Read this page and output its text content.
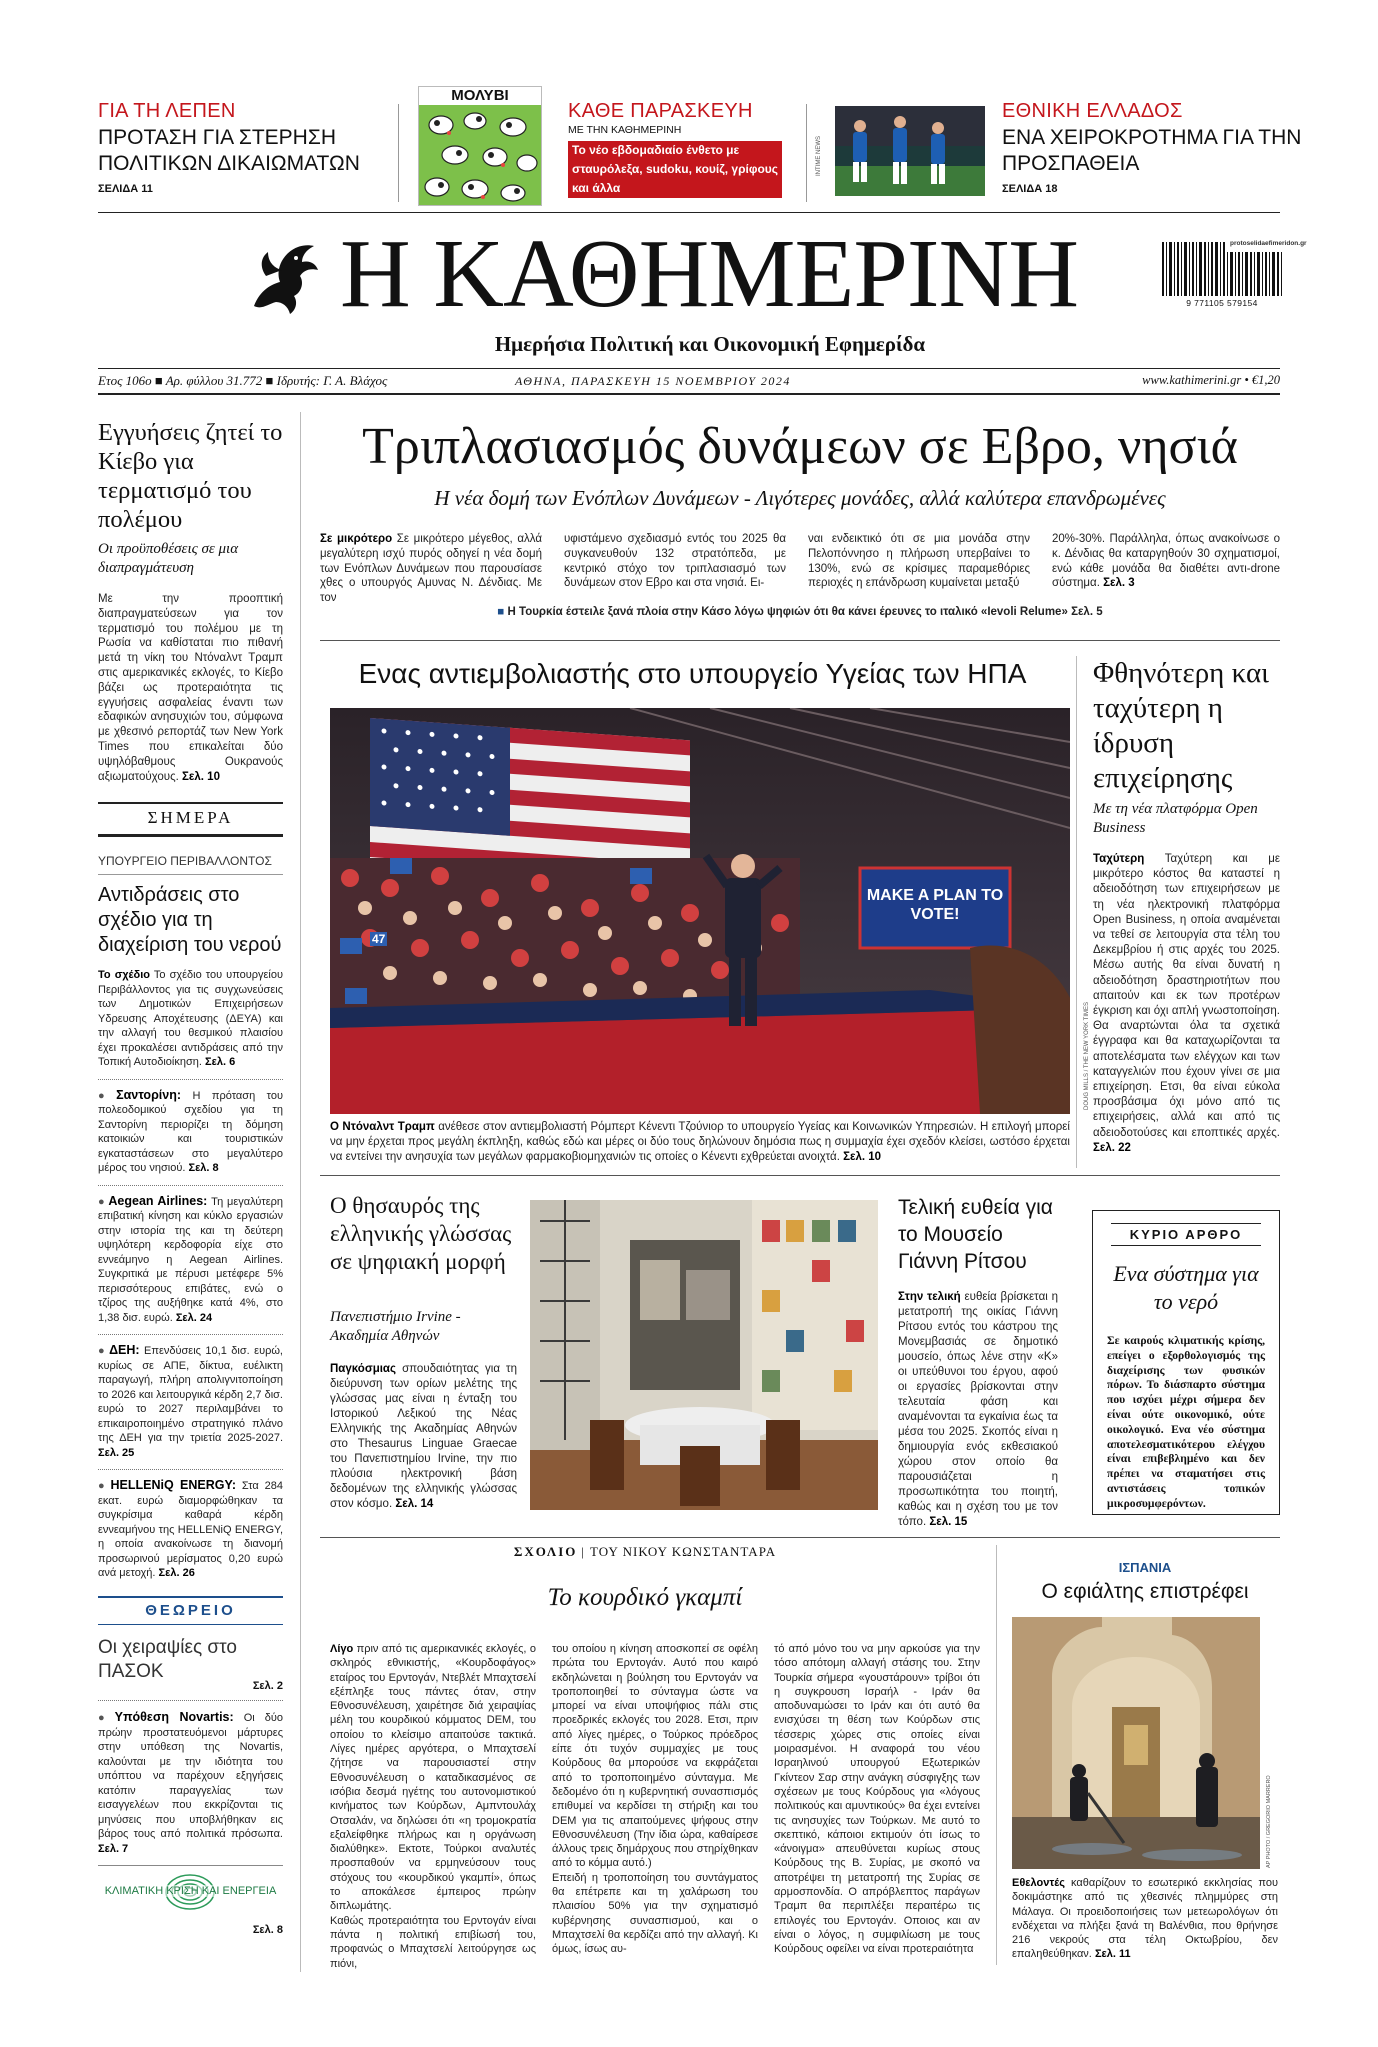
ΓΙΑ ΤΗ ΛΕΠΕΝ
ΠΡΟΤΑΣΗ ΓΙΑ ΣΤΕΡΗΣΗ ΠΟΛΙΤΙΚΩΝ ΔΙΚΑΙΩΜΑΤΩΝ
ΣΕΛΙΔΑ 11
ΜΟΛΥΒΙ
ΚΑΘΕ ΠΑΡΑΣΚΕΥΗ
ΜΕ ΤΗΝ ΚΑΘΗΜΕΡΙΝΗ
Το νέο εβδομαδιαίο ένθετο με σταυρόλεξα, sudoku, κουίζ, γρίφους και άλλα
INTIME NEWS
ΕΘΝΙΚΗ ΕΛΛΑΔΟΣ
ΕΝΑ ΧΕΙΡΟΚΡΟΤΗΜΑ ΓΙΑ ΤΗΝ ΠΡΟΣΠΑΘΕΙΑ
ΣΕΛΙΔΑ 18
Η ΚΑΘΗΜΕΡΙΝΗ
Ημερήσια Πολιτική και Οικονομική Εφημερίδα
protoselidaefimeridon.gr
9 771105 579154
Ετος 106ο ■ Αρ. φύλλου 31.772 ■ Ιδρυτής: Γ. Α. Βλάχος	ΑΘΗΝΑ, ΠΑΡΑΣΚΕΥΗ 15 ΝΟΕΜΒΡΙΟΥ 2024	www.kathimerini.gr • €1,20
Εγγυήσεις ζητεί το Κίεβο για τερματισμό του πολέμου
Οι προϋποθέσεις σε μια διαπραγμάτευση
Με την προοπτική διαπραγματεύσεων για τον τερματισμό του πολέμου με τη Ρωσία να καθίσταται πιο πιθανή μετά τη νίκη του Ντόναλντ Τραμπ στις αμερικανικές εκλογές, το Κίεβο βάζει ως προτεραιότητα τις εγγυήσεις ασφαλείας έναντι των εδαφικών ανησυχιών του, σύμφωνα με χθεσινό ρεπορτάζ των New York Times που επικαλείται δύο υψηλόβαθμους Ουκρανούς αξιωματούχους. Σελ. 10
ΣΗΜΕΡΑ
ΥΠΟΥΡΓΕΙΟ ΠΕΡΙΒΑΛΛΟΝΤΟΣ
Αντιδράσεις στο σχέδιο για τη διαχείριση του νερού
Το σχέδιο Το σχέδιο του υπουργείου Περιβάλλοντος για τις συγχωνεύσεις των Δημοτικών Επιχειρήσεων Υδρευσης Αποχέτευσης (ΔΕΥΑ) και την αλλαγή του θεσμικού πλαισίου έχει προκαλέσει αντιδράσεις από την Τοπική Αυτοδιοίκηση. Σελ. 6
● Σαντορίνη: Η πρόταση του πολεοδομικού σχεδίου για τη Σαντορίνη περιορίζει τη δόμηση κατοικιών και τουριστικών εγκαταστάσεων στο μεγαλύτερο μέρος του νησιού. Σελ. 8
● Aegean Airlines: Τη μεγαλύτερη επιβατική κίνηση και κύκλο εργασιών στην ιστορία της και τη δεύτερη υψηλότερη κερδοφορία είχε στο εννεάμηνο η Aegean Airlines. Συγκριτικά με πέρυσι μετέφερε 5% περισσότερους επιβάτες, ενώ ο τζίρος της αυξήθηκε κατά 4%, στο 1,38 δισ. ευρώ. Σελ. 24
● ΔΕΗ: Επενδύσεις 10,1 δισ. ευρώ, κυρίως σε ΑΠΕ, δίκτυα, ευέλικτη παραγωγή, πλήρη απολιγνιτοποίηση το 2026 και λειτουργικά κέρδη 2,7 δισ. ευρώ το 2027 περιλαμβάνει το επικαιροποιημένο στρατηγικό πλάνο της ΔΕΗ για την τριετία 2025-2027. Σελ. 25
● HELLENiQ ENERGY: Στα 284 εκατ. ευρώ διαμορφώθηκαν τα συγκρίσιμα καθαρά κέρδη εννεαμήνου της HELLENiQ ENERGY, η οποία ανακοίνωσε τη διανομή προσωρινού μερίσματος 0,20 ευρώ ανά μετοχή. Σελ. 26
ΘΕΩΡΕΙΟ
Οι χειραψίες στο ΠΑΣΟΚ
Σελ. 2
● Υπόθεση Novartis: Οι δύο πρώην προστατευόμενοι μάρτυρες στην υπόθεση της Novartis, καλούνται με την ιδιότητα του υπόπτου να παρέχουν εξηγήσεις κατόπιν παραγγελίας των εισαγγελέων που εκκρίζονται τις μηνύσεις που υποβλήθηκαν εις βάρος τους από πολιτικά πρόσωπα. Σελ. 7
ΚΛΙΜΑΤΙΚΗ ΚΡΙΣΗ ΚΑΙ ΕΝΕΡΓΕΙΑ
Σελ. 8
Τριπλασιασμός δυνάμεων σε Εβρο, νησιά
Η νέα δομή των Ενόπλων Δυνάμεων - Λιγότερες μονάδες, αλλά καλύτερα επανδρωμένες
Σε μικρότερο Σε μικρότερο μέγεθος, αλλά μεγαλύτερη ισχύ πυρός οδηγεί η νέα δομή των Ενόπλων Δυνάμεων που παρουσίασε χθες ο υπουργός Αμυνας Ν. Δένδιας. Με τον
υφιστάμενο σχεδιασμό εντός του 2025 θα συγκανευθούν 132 στρατόπεδα, με κεντρικό στόχο τον τριπλασιασμό των δυνάμεων στον Εβρο και στα νησιά. Ει-
ναι ενδεικτικό ότι σε μια μονάδα στην Πελοπόννησο η πλήρωση υπερβαίνει το 130%, ενώ σε κρίσιμες παραμεθόριες περιοχές η επάνδρωση κυμαίνεται μεταξύ
20%-30%. Παράλληλα, όπως ανακοίνωσε ο κ. Δένδιας θα καταργηθούν 30 σχηματισμοί, ενώ κάθε μονάδα θα διαθέτει αντι-drone σύστημα. Σελ. 3
■ Η Τουρκία έστειλε ξανά πλοία στην Κάσο λόγω ψηφιών ότι θα κάνει έρευνες το ιταλικό «Ievoli Relume» Σελ. 5
Ενας αντιεμβολιαστής στο υπουργείο Υγείας των ΗΠΑ
MAKE A PLAN TO VOTE!
47
DOUG MILLS / THE NEW YORK TIMES
Ο Ντόναλντ Τραμπ ανέθεσε στον αντιεμβολιαστή Ρόμπερτ Κένεντι Τζούνιορ το υπουργείο Υγείας και Κοινωνικών Υπηρεσιών. Η επιλογή μπορεί να μην έρχεται προς μεγάλη έκπληξη, καθώς εδώ και μέρες οι δύο τους δηλώνουν δημόσια πως η συμμαχία έχει σχεδόν κλείσει, ωστόσο έρχεται να εντείνει την ανησυχία των μεγάλων φαρμακοβιομηχανιών τις οποίες ο Κένεντι εχθρεύεται ανοιχτά. Σελ. 10
Φθηνότερη και ταχύτερη η ίδρυση επιχείρησης
Με τη νέα πλατφόρμα Open Business
Ταχύτερη Ταχύτερη και με μικρότερο κόστος θα καταστεί η αδειοδότηση των επιχειρήσεων με τη νέα ηλεκτρονική πλατφόρμα Open Business, η οποία αναμένεται να τεθεί σε λειτουργία στα τέλη του Δεκεμβρίου ή στις αρχές του 2025. Μέσω αυτής θα είναι δυνατή η αδειοδότηση δραστηριοτήτων που απαιτούν και εκ των προτέρων έγκριση και όχι απλή γνωστοποίηση. Θα αναρτώνται όλα τα σχετικά έγγραφα και θα καταχωρίζονται τα αποτελέσματα των ελέγχων και των καταγγελιών που έχουν γίνει σε μια επιχείρηση. Ετσι, θα είναι εύκολα προσβάσιμα όχι μόνο από τις επιχειρήσεις, αλλά και από τις αδειοδοτούσες και εποπτικές αρχές. Σελ. 22
Ο θησαυρός της ελληνικής γλώσσας σε ψηφιακή μορφή
Πανεπιστήμιο Irvine - Ακαδημία Αθηνών
Παγκόσμιας σπουδαιότητας για τη διεύρυνση των ορίων μελέτης της γλώσσας μας είναι η ένταξη του Ιστορικού Λεξικού της Νέας Ελληνικής της Ακαδημίας Αθηνών στο Thesaurus Linguae Graecae του Πανεπιστημίου Irvine, την πιο πλούσια ηλεκτρονική βάση δεδομένων της ελληνικής γλώσσας στον κόσμο. Σελ. 14
Τελική ευθεία για το Μουσείο Γιάννη Ρίτσου
Στην τελική ευθεία βρίσκεται η μετατροπή της οικίας Γιάννη Ρίτσου εντός του κάστρου της Μονεμβασιάς σε δημοτικό μουσείο, όπως λένε στην «Κ» οι υπεύθυνοι του έργου, αφού οι εργασίες βρίσκονται στην τελευταία φάση και αναμένονται τα εγκαίνια έως τα μέσα του 2025. Σκοπός είναι η δημιουργία ενός εκθεσιακού χώρου στον οποίο θα παρουσιάζεται η προσωπικότητα του ποιητή, καθώς και η σχέση του με τον τόπο. Σελ. 15
ΚΥΡΙΟ ΑΡΘΡΟ
Ενα σύστημα για το νερό
Σε καιρούς κλιματικής κρίσης, επείγει ο εξορθολογισμός της διαχείρισης των φυσικών πόρων. Το διάσπαρτο σύστημα που ισχύει μέχρι σήμερα δεν είναι ούτε οικονομικό, ούτε οικολογικό. Ενα νέο σύστημα αποτελεσματικότερου ελέγχου είναι επιβεβλημένο και δεν πρέπει να σταματήσει στις αντιστάσεις τοπικών μικροσυμφερόντων.
ΣΧΟΛΙΟ | ΤΟΥ ΝΙΚΟΥ ΚΩΝΣΤΑΝΤΑΡΑ
Το κουρδικό γκαμπί
Λίγο πριν από τις αμερικανικές εκλογές, ο σκληρός εθνικιστής, «Κουρδοφάγος» εταίρος του Ερντογάν, Ντεβλέτ Μπαχτσελί εξέπληξε τους πάντες όταν, στην Εθνοσυνέλευση, χαιρέτησε διά χειραψίας μέλη του κουρδικού κόμματος DEM, του οποίου το κλείσιμο απαιτούσε τακτικά. Λίγες ημέρες αργότερα, ο Μπαχτσελί ζήτησε να παρουσιαστεί στην Εθνοσυνέλευση ο καταδικασμένος σε ισόβια δεσμά ηγέτης του αυτονομιστικού κινήματος των Κούρδων, Αμπντουλάχ Οτσαλάν, να δηλώσει ότι «η τρομοκρατία εξαλείφθηκε πλήρως και η οργάνωση διαλύθηκε». Εκτοτε, Τούρκοι αναλυτές προσπαθούν να ερμηνεύσουν τους στόχους του «κουρδικού γκαμπί», όπως το αποκάλεσε έμπειρος πρώην διπλωμάτης.
Καθώς προτεραιότητα του Ερντογάν είναι πάντα η πολιτική επιβίωσή του, προφανώς ο Μπαχτσελί λειτούργησε ως πιόνι,
του οποίου η κίνηση αποσκοπεί σε οφέλη πρώτα του Ερντογάν. Αυτό που καιρό εκδηλώνεται η βούληση του Ερντογάν να τροποποιηθεί το σύνταγμα ώστε να μπορεί να είναι υποψήφιος πάλι στις προεδρικές εκλογές του 2028. Ετσι, πριν από λίγες ημέρες, ο Τούρκος πρόεδρος είπε ότι τυχόν συμμαχίες με τους Κούρδους θα μπορούσε να εκφράζεται από το τροποποιημένο σύνταγμα. Με δεδομένο ότι η κυβερνητική συνασπισμός επιθυμεί να κερδίσει τη στήριξη και του DEM για τις απαιτούμενες ψήφους στην Εθνοσυνέλευση (Την ίδια ώρα, καθαίρεσε άλλους τρεις δημάρχους που στηρίχθηκαν από το κόμμα αυτό.)
Επειδή η τροποποίηση του συντάγματος θα επέτρεπε και τη χαλάρωση του πλαισίου 50% για την σχηματισμό κυβέρνησης συνασπισμού, και ο Μπαχτσελί θα κερδίζει από την αλλαγή. Κι όμως, ίσως αυ-
τό από μόνο του να μην αρκούσε για την τόσο απότομη αλλαγή στάσης του. Στην Τουρκία σήμερα «γουστάρουν» τρίβοι ότι η συγκρουση Ισραήλ - Ιράν θα αποδυναμώσει το Ιράν και ότι αυτό θα ενισχύσει τη θέση των Κούρδων στις τέσσερις χώρες στις οποίες είναι μοιρασμένοι. Η αναφορά του νέου Ισραηλινού υπουργού Εξωτερικών Γκίντεον Σαρ στην ανάγκη σύσφιγξης των σχέσεων με τους Κούρδους για «λόγους πολιτικούς και αμυντικούς» θα έχει εντείνει τις ανησυχίες των Τούρκων. Με αυτό το σκεπτικό, κάποιοι εκτιμούν ότι ίσως το «άνοιγμα» απευθύνεται κυρίως στους Κούρδους της Β. Συρίας, με σκοπό να αποτρέψει τη μετατροπή της Συρίας σε αρμοσπονδία. Ο απρόβλεπτος παράγων Τραμπ θα περιπλέξει περαιτέρω τις επιλογές του Ερντογάν. Οποιος και αν είναι ο λόγος, η συμφιλίωση με τους Κούρδους οφείλει να είναι προτεραιότητα
ΙΣΠΑΝΙΑ
Ο εφιάλτης επιστρέφει
AP PHOTO / GREGORIO MARRERO
Εθελοντές καθαρίζουν το εσωτερικό εκκλησίας που δοκιμάστηκε από τις χθεσινές πλημμύρες στη Μάλαγα. Οι προειδοποιήσεις των μετεωρολόγων ότι ενδέχεται να πλήξει ξανά τη Βαλένθια, που θρήνησε 216 νεκρούς στα τέλη Οκτωβρίου, δεν επαληθεύθηκαν. Σελ. 11
